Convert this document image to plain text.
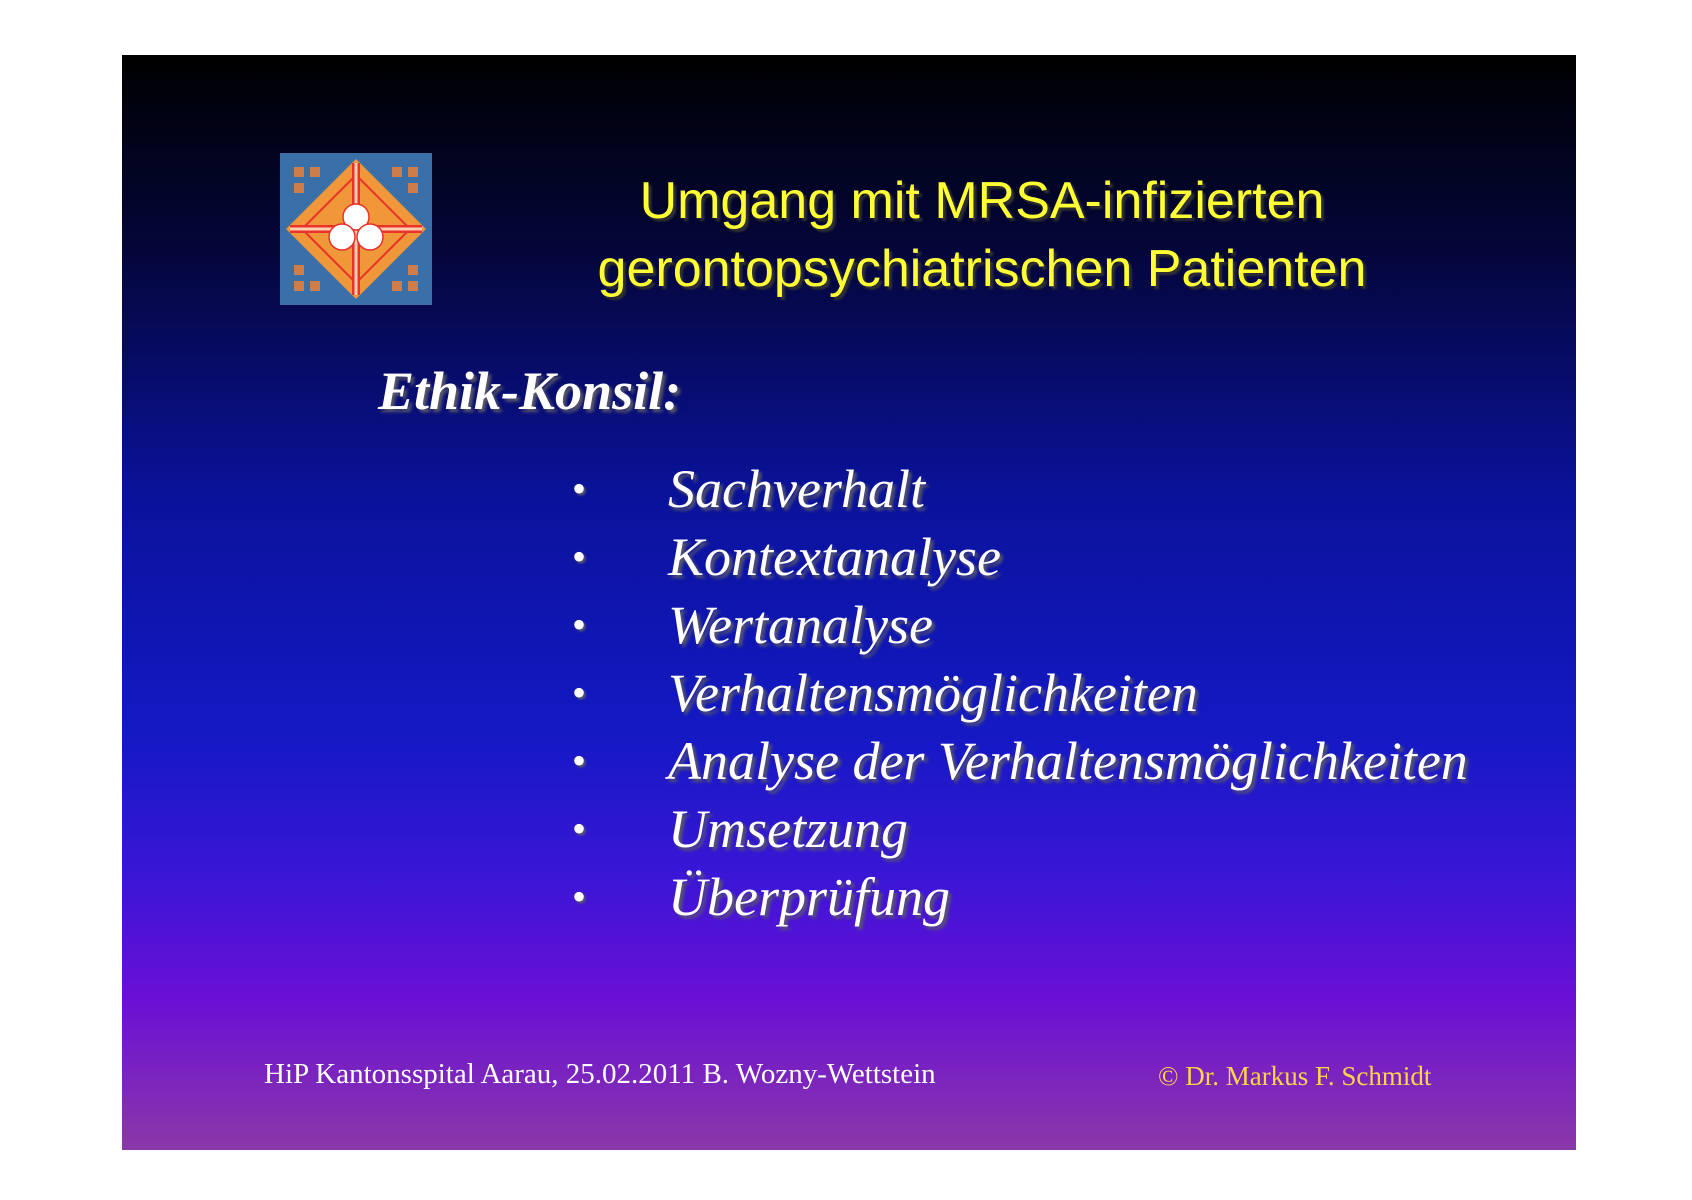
Umgang mit MRSA-infizierten
gerontopsychiatrischen Patienten
Ethik-Konsil:
•	Sachverhalt
•	Kontextanalyse
•	Wertanalyse
•	Verhaltensmöglichkeiten
•	Analyse der Verhaltensmöglichkeiten
•	Umsetzung
•	Überprüfung
HiP Kantonsspital Aarau, 25.02.2011 B. Wozny-Wettstein	© Dr. Markus F. Schmidt
